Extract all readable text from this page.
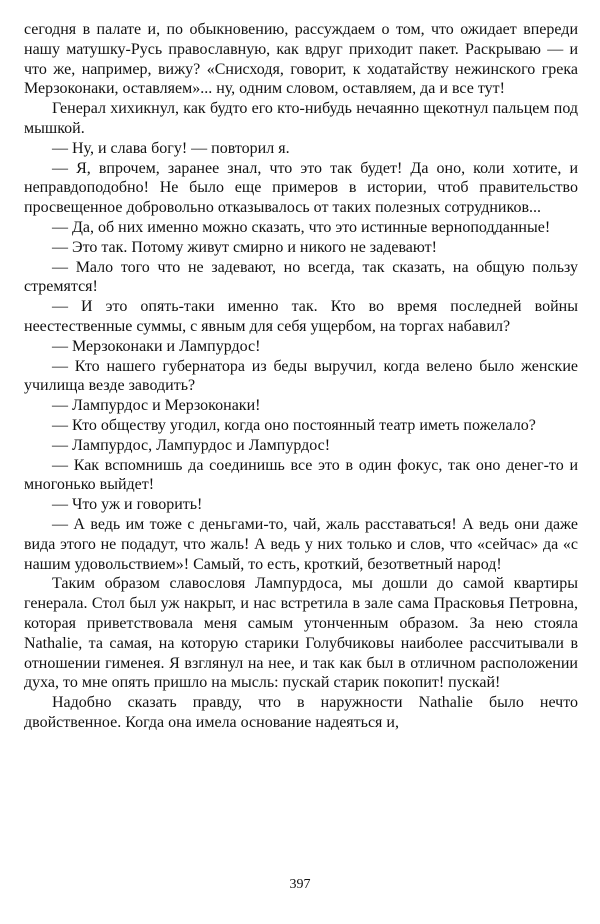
сегодня в палате и, по обыкновению, рассуждаем о том, что ожидает впереди нашу матушку-Русь православную, как вдруг приходит пакет. Раскрываю — и что же, например, вижу? «Снисходя, говорит, к ходатайству нежинского грека Мерзоконаки, оставляем»... ну, одним словом, оставляем, да и все тут!

Генерал хихикнул, как будто его кто-нибудь нечаянно щекотнул пальцем под мышкой.

— Ну, и слава богу! — повторил я.

— Я, впрочем, заранее знал, что это так будет! Да оно, коли хотите, и неправдоподобно! Не было еще примеров в истории, чтоб правительство просвещенное добровольно отказывалось от таких полезных сотрудников...

— Да, об них именно можно сказать, что это истинные верноподданные!

— Это так. Потому живут смирно и никого не задевают!

— Мало того что не задевают, но всегда, так сказать, на общую пользу стремятся!

— И это опять-таки именно так. Кто во время последней войны неестественные суммы, с явным для себя ущербом, на торгах набавил?

— Мерзоконаки и Лампурдос!

— Кто нашего губернатора из беды выручил, когда велено было женские училища везде заводить?

— Лампурдос и Мерзоконаки!

— Кто обществу угодил, когда оно постоянный театр иметь пожелало?

— Лампурдос, Лампурдос и Лампурдос!

— Как вспомнишь да соединишь все это в один фокус, так оно денег-то и многонько выйдет!

— Что уж и говорить!

— А ведь им тоже с деньгами-то, чай, жаль расставаться! А ведь они даже вида этого не подадут, что жаль! А ведь у них только и слов, что «сейчас» да «с нашим удовольствием»! Самый, то есть, кроткий, безответный народ!

Таким образом славословя Лампурдоса, мы дошли до самой квартиры генерала. Стол был уж накрыт, и нас встретила в зале сама Прасковья Петровна, которая приветствовала меня самым утонченным образом. За нею стояла Nathalie, та самая, на которую старики Голубчиковы наиболее рассчитывали в отношении гименея. Я взглянул на нее, и так как был в отличном расположении духа, то мне опять пришло на мысль: пускай старик покопит! пускай!

Надобно сказать правду, что в наружности Nathalie было нечто двойственное. Когда она имела основание надеяться и,

397
